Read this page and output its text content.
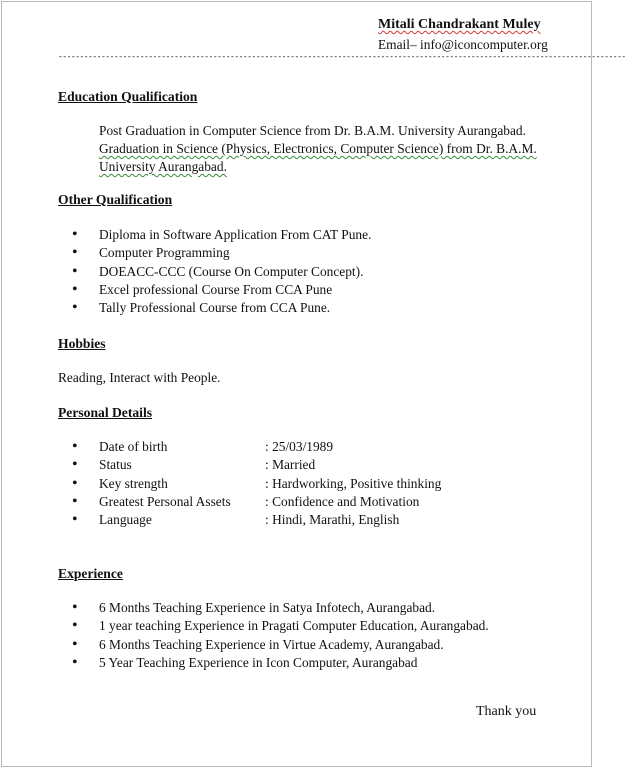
Mitali Chandrakant Muley
Email– info@iconcomputer.org
------------------------------------------------------------------------------------------------------------------------------------
Education Qualification
Post Graduation in Computer Science from Dr. B.A.M. University Aurangabad.
Graduation in Science (Physics, Electronics, Computer Science) from Dr. B.A.M.
University Aurangabad.
Other Qualification
• Diploma in Software Application From CAT Pune.
• Computer Programming
• DOEACC-CCC (Course On Computer Concept).
• Excel professional Course From CCA Pune
• Tally Professional Course from CCA Pune.
Hobbies
Reading, Interact with People.
Personal Details
• Date of birth	: 25/03/1989
• Status	: Married
• Key strength	: Hardworking, Positive thinking
• Greatest Personal Assets	: Confidence and Motivation
• Language	: Hindi, Marathi, English
Experience
• 6 Months Teaching Experience in Satya Infotech, Aurangabad.
• 1 year teaching Experience in Pragati Computer Education, Aurangabad.
• 6 Months Teaching Experience in Virtue Academy, Aurangabad.
• 5 Year Teaching Experience in Icon Computer, Aurangabad
Thank you
